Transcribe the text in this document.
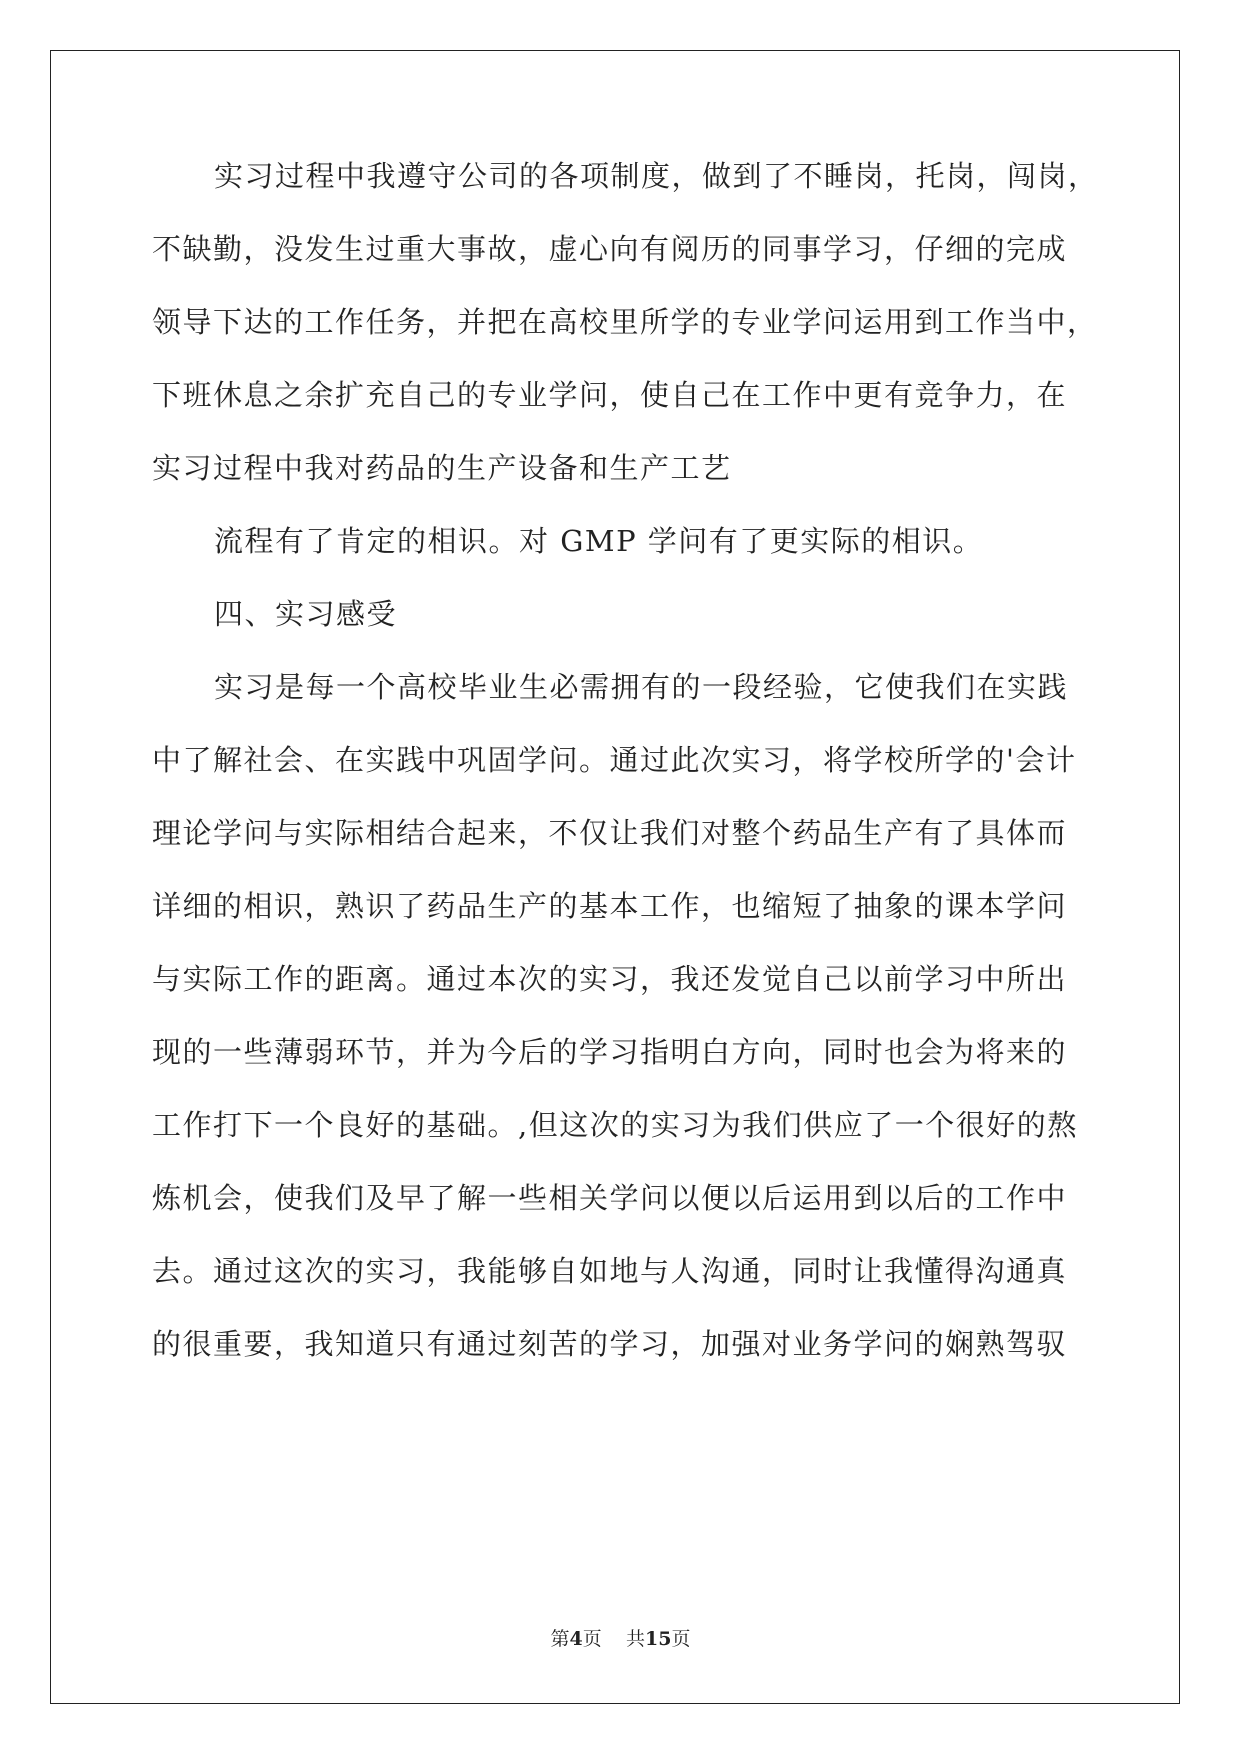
实习过程中我遵守公司的各项制度，做到了不睡岗，托岗，闯岗，
不缺勤，没发生过重大事故，虚心向有阅历的同事学习，仔细的完成
领导下达的工作任务，并把在高校里所学的专业学问运用到工作当中，
下班休息之余扩充自己的专业学问，使自己在工作中更有竞争力，在
实习过程中我对药品的生产设备和生产工艺
流程有了肯定的相识。对 GMP 学问有了更实际的相识。
四、实习感受
实习是每一个高校毕业生必需拥有的一段经验，它使我们在实践
中了解社会、在实践中巩固学问。通过此次实习，将学校所学的'会计
理论学问与实际相结合起来，不仅让我们对整个药品生产有了具体而
详细的相识，熟识了药品生产的基本工作，也缩短了抽象的课本学问
与实际工作的距离。通过本次的实习，我还发觉自己以前学习中所出
现的一些薄弱环节，并为今后的学习指明白方向，同时也会为将来的
工作打下一个良好的基础。,但这次的实习为我们供应了一个很好的熬
炼机会，使我们及早了解一些相关学问以便以后运用到以后的工作中
去。通过这次的实习，我能够自如地与人沟通，同时让我懂得沟通真
的很重要，我知道只有通过刻苦的学习，加强对业务学问的娴熟驾驭
第4页 共15页
